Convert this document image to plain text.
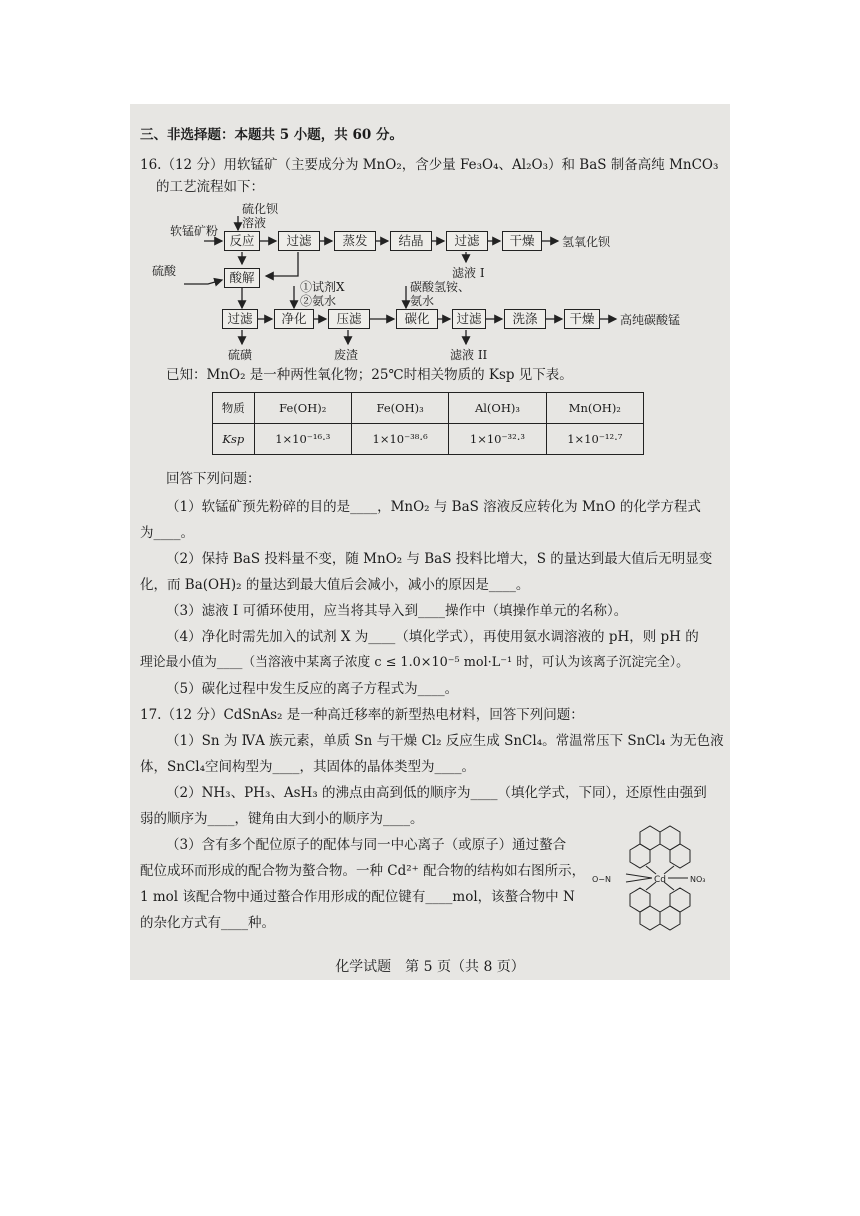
三、非选择题：本题共 5 小题，共 60 分。
16.（12 分）用软锰矿（主要成分为 MnO₂，含少量 Fe₃O₄、Al₂O₃）和 BaS 制备高纯 MnCO₃
的工艺流程如下：
软锰矿粉
硫化钡溶液
反应	过滤	蒸发	结晶	过滤	干燥	氢氧化钡
滤液 I
硫酸	酸解
①试剂X
②氨水
碳酸氢铵、氨水
过滤	净化	压滤	碳化	过滤	洗涤	干燥	高纯碳酸锰
硫磺	废渣	滤液 II
已知：MnO₂ 是一种两性氧化物；25℃时相关物质的 Ksp 见下表。
物质	Fe(OH)₂	Fe(OH)₃	Al(OH)₃	Mn(OH)₂
Ksp	1×10⁻¹⁶·³	1×10⁻³⁸·⁶	1×10⁻³²·³	1×10⁻¹²·⁷
回答下列问题：
（1）软锰矿预先粉碎的目的是____，MnO₂ 与 BaS 溶液反应转化为 MnO 的化学方程式
为____。
（2）保持 BaS 投料量不变，随 MnO₂ 与 BaS 投料比增大，S 的量达到最大值后无明显变
化，而 Ba(OH)₂ 的量达到最大值后会减小，减小的原因是____。
（3）滤液 I 可循环使用，应当将其导入到____操作中（填操作单元的名称）。
（4）净化时需先加入的试剂 X 为____（填化学式），再使用氨水调溶液的 pH，则 pH 的
理论最小值为____（当溶液中某离子浓度 c ≤ 1.0×10⁻⁵ mol·L⁻¹ 时，可认为该离子沉淀完全）。
（5）碳化过程中发生反应的离子方程式为____。
17.（12 分）CdSnAs₂ 是一种高迁移率的新型热电材料，回答下列问题：
（1）Sn 为 ⅣA 族元素，单质 Sn 与干燥 Cl₂ 反应生成 SnCl₄。常温常压下 SnCl₄ 为无色液
体，SnCl₄空间构型为____，其固体的晶体类型为____。
（2）NH₃、PH₃、AsH₃ 的沸点由高到低的顺序为____（填化学式，下同），还原性由强到
弱的顺序为____，键角由大到小的顺序为____。
（3）含有多个配位原子的配体与同一中心离子（或原子）通过螯合
配位成环而形成的配合物为螯合物。一种 Cd²⁺ 配合物的结构如右图所示，
1 mol 该配合物中通过螯合作用形成的配位键有____mol，该螯合物中 N
的杂化方式有____种。
Cd
O−N	NO₃
化学试题　第 5 页（共 8 页）
